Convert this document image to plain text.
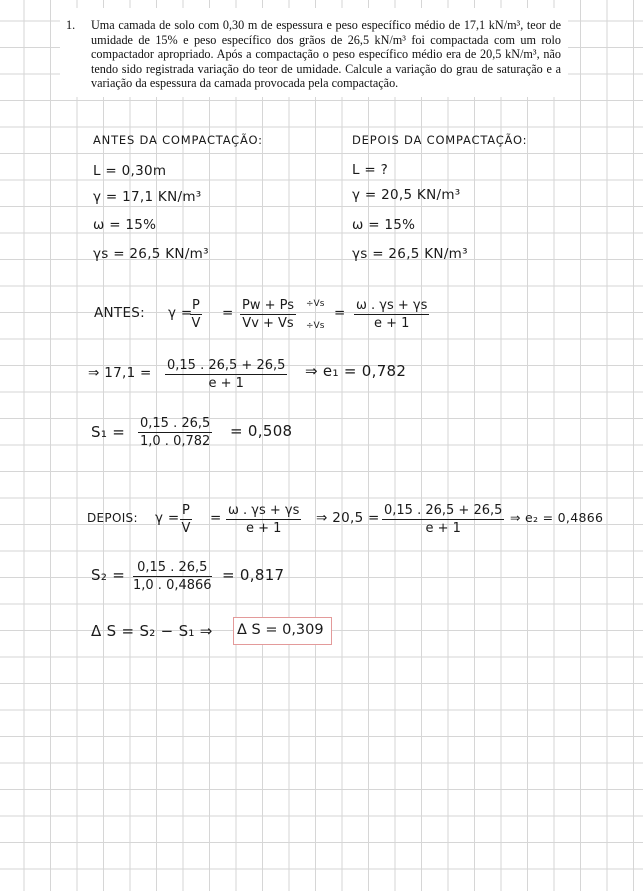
1. Uma camada de solo com 0,30 m de espessura e peso específico médio de 17,1 kN/m³, teor de umidade de 15% e peso específico dos grãos de 26,5 kN/m³ foi compactada com um rolo compactador apropriado. Após a compactação o peso específico médio era de 20,5 kN/m³, não tendo sido registrada variação do teor de umidade. Calcule a variação do grau de saturação e a variação da espessura da camada provocada pela compactação.
ANTES DA COMPACTAÇÃO:
L = 0,30m
γ = 17,1 KN/m³
ω = 15%
γs = 26,5 KN/m³
DEPOIS DA COMPACTAÇÃO:
L = ?
γ = 20,5 KN/m³
ω = 15%
γs = 26,5 KN/m³
ANTES: γ =
$\frac{P}{V} = \frac{Pw + Ps}{Vv + Vs} \div Vs$
÷Vs
= $\frac{\omega . \gamma s + \gamma s}{e + 1}$
⇒ $17,1 = \frac{0,15 . 26,5 + 26,5}{e + 1}$ ⇒ e₁ = 0,782
$S_1 = \frac{0,15 . 26,5}{1,0 . 0,782} = 0,508$
DEPOIS: $\gamma = \frac{P}{V} = \frac{\omega . \gamma s + \gamma s}{e + 1}$ ⇒ $20,5 = \frac{0,15 . 26,5 + 26,5}{e + 1}$ ⇒ e₂ = 0,4866
$S_2 = \frac{0,15 . 26,5}{1,0 . 0,4866} = 0,817$
Δ S = S₂ − S₁ ⇒ Δ S = 0,309
